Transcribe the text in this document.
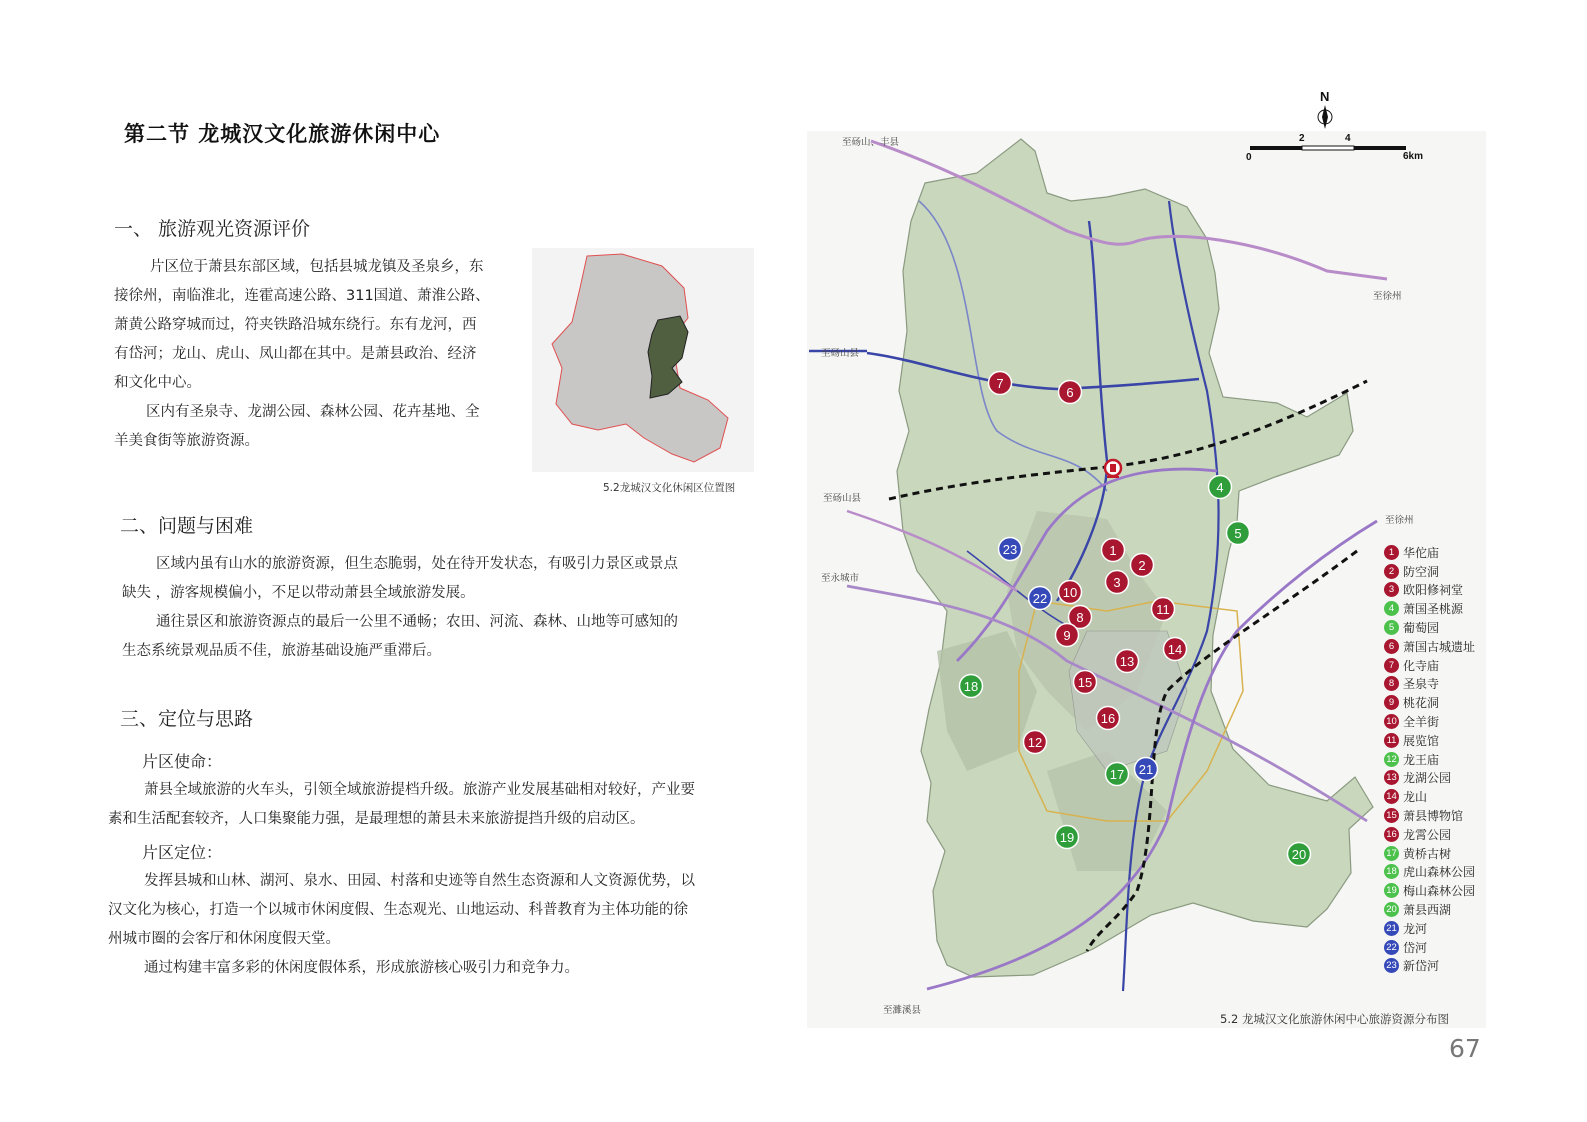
第二节 龙城汉文化旅游休闲中心
一、 旅游观光资源评价
片区位于萧县东部区域，包括县城龙镇及圣泉乡，东
接徐州，南临淮北，连霍高速公路、311国道、萧淮公路、
萧黄公路穿城而过，符夹铁路沿城东绕行。东有龙河，西
有岱河；龙山、虎山、凤山都在其中。是萧县政治、经济
和文化中心。
区内有圣泉寺、龙湖公园、森林公园、花卉基地、全
羊美食街等旅游资源。
5.2龙城汉文化休闲区位置图
二、问题与困难
区域内虽有山水的旅游资源，但生态脆弱，处在待开发状态，有吸引力景区或景点
缺失 ，游客规模偏小，不足以带动萧县全域旅游发展。
通往景区和旅游资源点的最后一公里不通畅；农田、河流、森林、山地等可感知的
生态系统景观品质不佳，旅游基础设施严重滞后。
三、定位与思路
片区使命：
萧县全域旅游的火车头，引领全域旅游提档升级。旅游产业发展基础相对较好，产业要
素和生活配套较齐，人口集聚能力强，是最理想的萧县未来旅游提挡升级的启动区。
片区定位：
发挥县城和山林、湖河、泉水、田园、村落和史迹等自然生态资源和人文资源优势，以
汉文化为核心，打造一个以城市休闲度假、生态观光、山地运动、科普教育为主体功能的徐
州城市圈的会客厅和休闲度假天堂。
通过构建丰富多彩的休闲度假体系，形成旅游核心吸引力和竞争力。
至砀山、丰县
至徐州
至砀山县
至砀山县
至徐州
至永城市
至濉溪县
N
0
2	4
6km
1
2
3
4
5
6
7
8
9
10
11
12
13
14
15
16
17
18
19
20
21
22
23
5.2 龙城汉文化旅游休闲中心旅游资源分布图
1 华佗庙
2 防空洞
3 欧阳修祠堂
4 萧国圣桃源
5 葡萄园
6 萧国古城遗址
7 化寺庙
8 圣泉寺
9 桃花洞
10 全羊街
11 展览馆
12 龙王庙
13 龙湖公园
14 龙山
15 萧县博物馆
16 龙霄公园
17 黄桥古树
18 虎山森林公园
19 梅山森林公园
20 萧县西湖
21 龙河
22 岱河
23 新岱河
67
